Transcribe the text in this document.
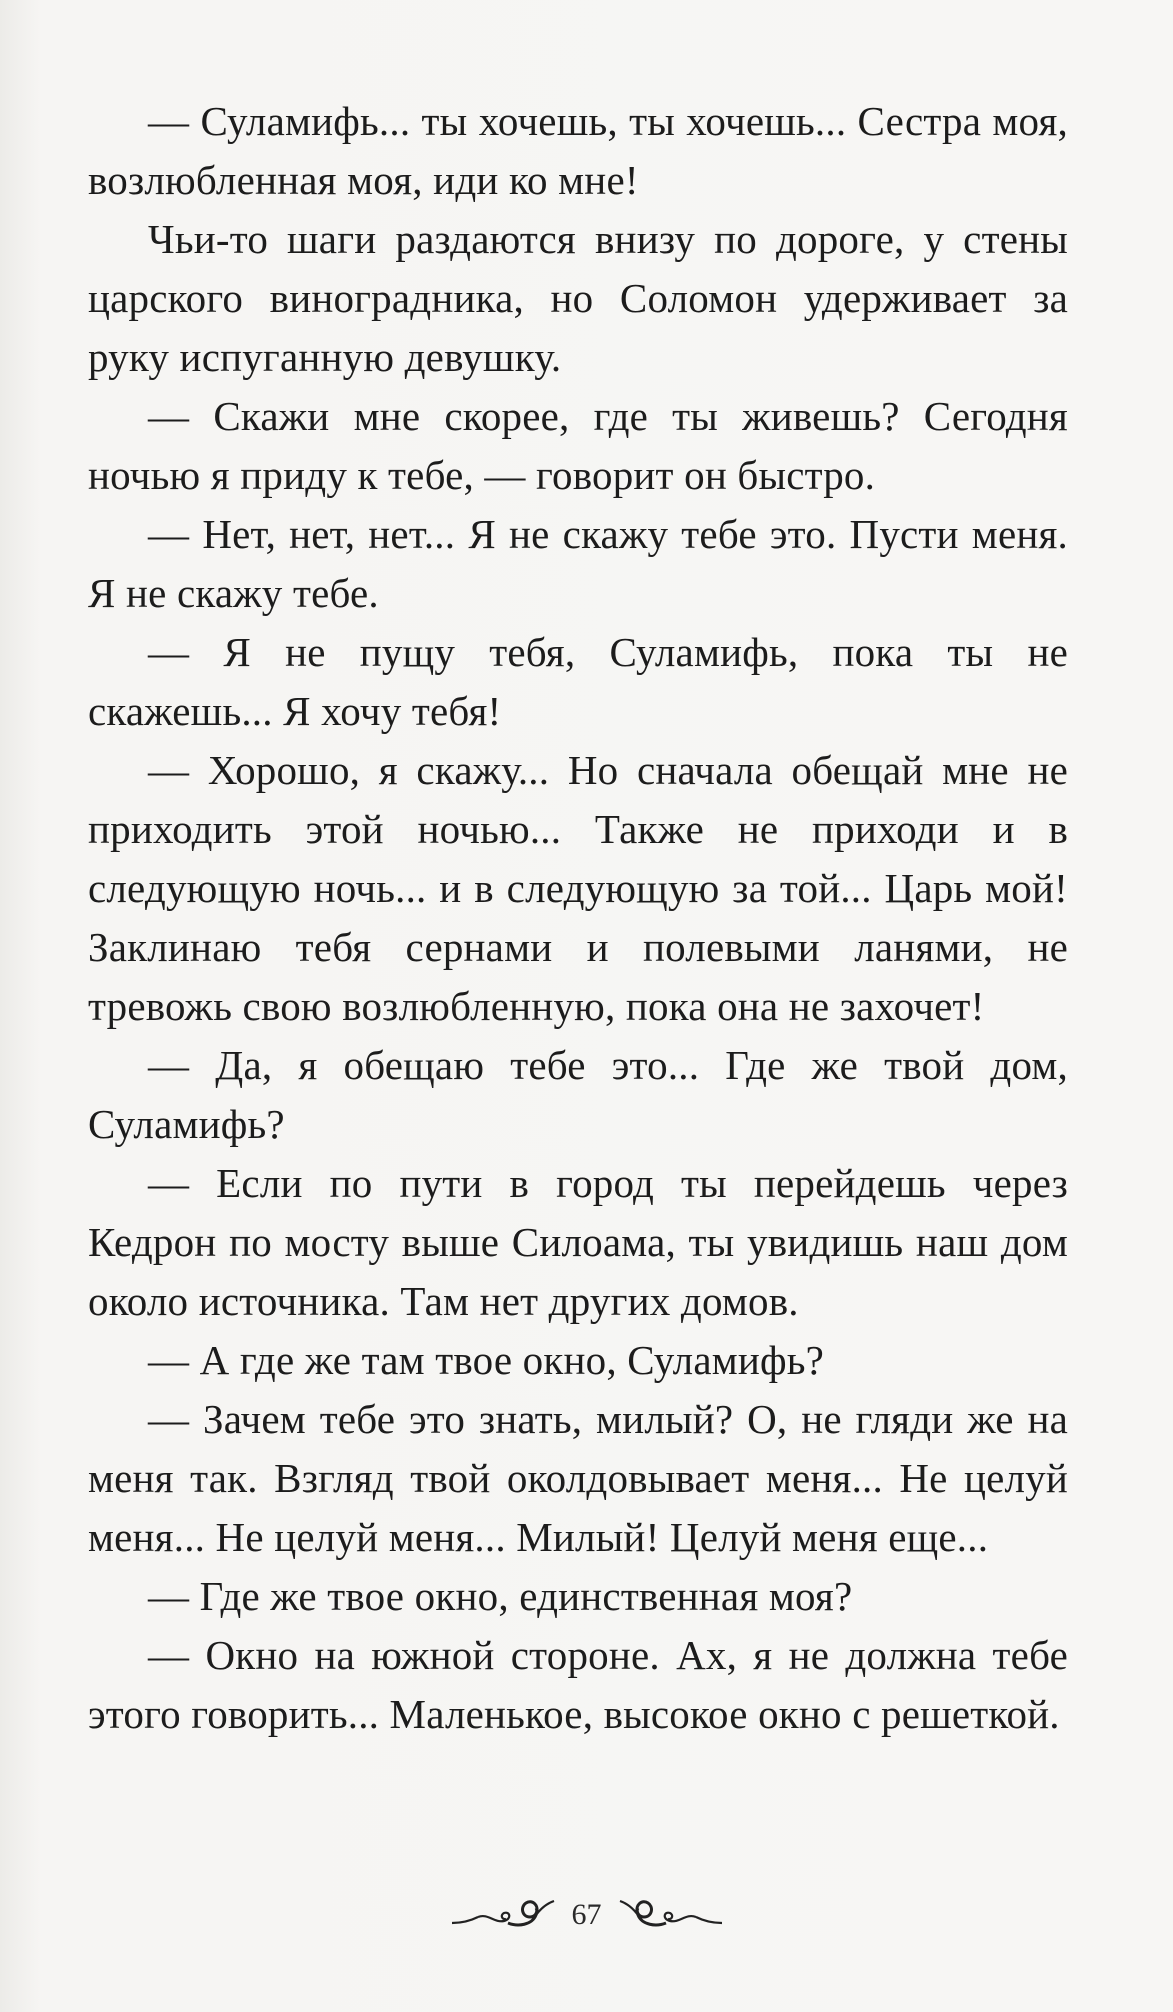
— Суламифь... ты хочешь, ты хочешь... Сестра моя, возлюбленная моя, иди ко мне!

Чьи-то шаги раздаются внизу по дороге, у стены царского виноградника, но Соломон удерживает за руку испуганную девушку.

— Скажи мне скорее, где ты живешь? Сегодня ночью я приду к тебе, — говорит он быстро.

— Нет, нет, нет... Я не скажу тебе это. Пусти меня. Я не скажу тебе.

— Я не пущу тебя, Суламифь, пока ты не скажешь... Я хочу тебя!

— Хорошо, я скажу... Но сначала обещай мне не приходить этой ночью... Также не приходи и в следующую ночь... и в следующую за той... Царь мой! Заклинаю тебя сернами и полевыми ланями, не тревожь свою возлюбленную, пока она не захочет!

— Да, я обещаю тебе это... Где же твой дом, Суламифь?

— Если по пути в город ты перейдешь через Кедрон по мосту выше Силоама, ты увидишь наш дом около источника. Там нет других домов.

— А где же там твое окно, Суламифь?

— Зачем тебе это знать, милый? О, не гляди же на меня так. Взгляд твой околдовывает меня... Не целуй меня... Не целуй меня... Милый! Целуй меня еще...

— Где же твое окно, единственная моя?

— Окно на южной стороне. Ах, я не должна тебе этого говорить... Маленькое, высокое окно с решеткой.

67
